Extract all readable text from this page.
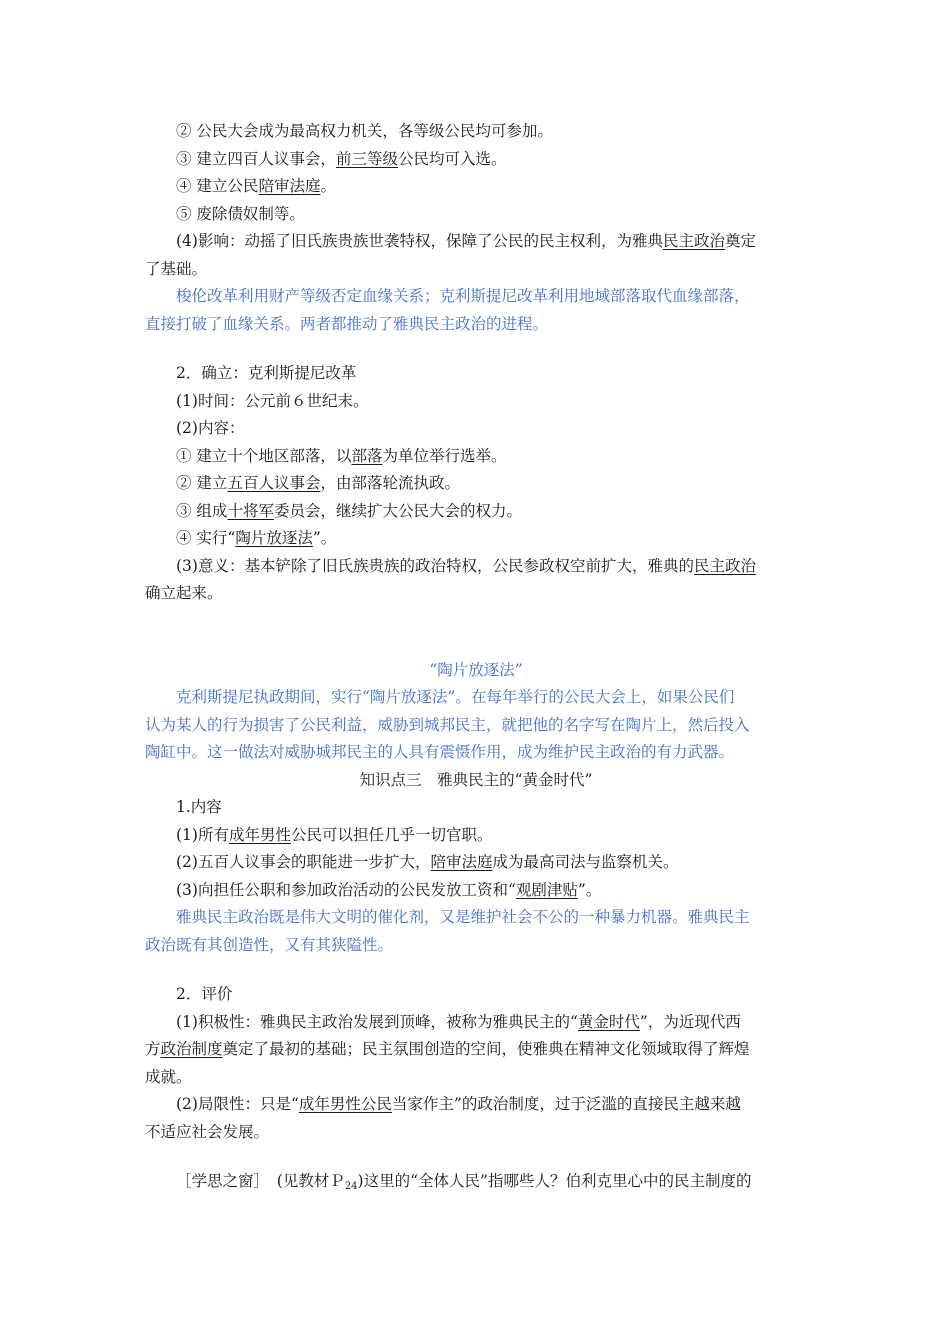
② 公民大会成为最高权力机关，各等级公民均可参加。
③ 建立四百人议事会，前三等级公民均可入选。
④ 建立公民陪审法庭。
⑤ 废除债奴制等。
(4)影响：动摇了旧氏族贵族世袭特权，保障了公民的民主权利，为雅典民主政治奠定
了基础。
梭伦改革利用财产等级否定血缘关系；克利斯提尼改革利用地域部落取代血缘部落，
直接打破了血缘关系。两者都推动了雅典民主政治的进程。
2．确立：克利斯提尼改革
(1)时间：公元前６世纪末。
(2)内容：
① 建立十个地区部落，以部落为单位举行选举。
② 建立五百人议事会，由部落轮流执政。
③ 组成十将军委员会，继续扩大公民大会的权力。
④ 实行“陶片放逐法”。
(3)意义：基本铲除了旧氏族贵族的政治特权，公民参政权空前扩大，雅典的民主政治
确立起来。
“陶片放逐法”
克利斯提尼执政期间，实行“陶片放逐法”。在每年举行的公民大会上，如果公民们
认为某人的行为损害了公民利益，威胁到城邦民主，就把他的名字写在陶片上，然后投入
陶缸中。这一做法对威胁城邦民主的人具有震慑作用，成为维护民主政治的有力武器。
知识点三　雅典民主的“黄金时代”
1.内容
(1)所有成年男性公民可以担任几乎一切官职。
(2)五百人议事会的职能进一步扩大，陪审法庭成为最高司法与监察机关。
(3)向担任公职和参加政治活动的公民发放工资和“观剧津贴”。
雅典民主政治既是伟大文明的催化剂，又是维护社会不公的一种暴力机器。雅典民主
政治既有其创造性，又有其狭隘性。
2．评价
(1)积极性：雅典民主政治发展到顶峰，被称为雅典民主的“黄金时代”，为近现代西
方政治制度奠定了最初的基础；民主氛围创造的空间，使雅典在精神文化领域取得了辉煌
成就。
(2)局限性：只是“成年男性公民当家作主”的政治制度，过于泛滥的直接民主越来越
不适应社会发展。
［学思之窗］　(见教材Ｐ$_{24}$)这里的“全体人民”指哪些人？伯利克里心中的民主制度的
